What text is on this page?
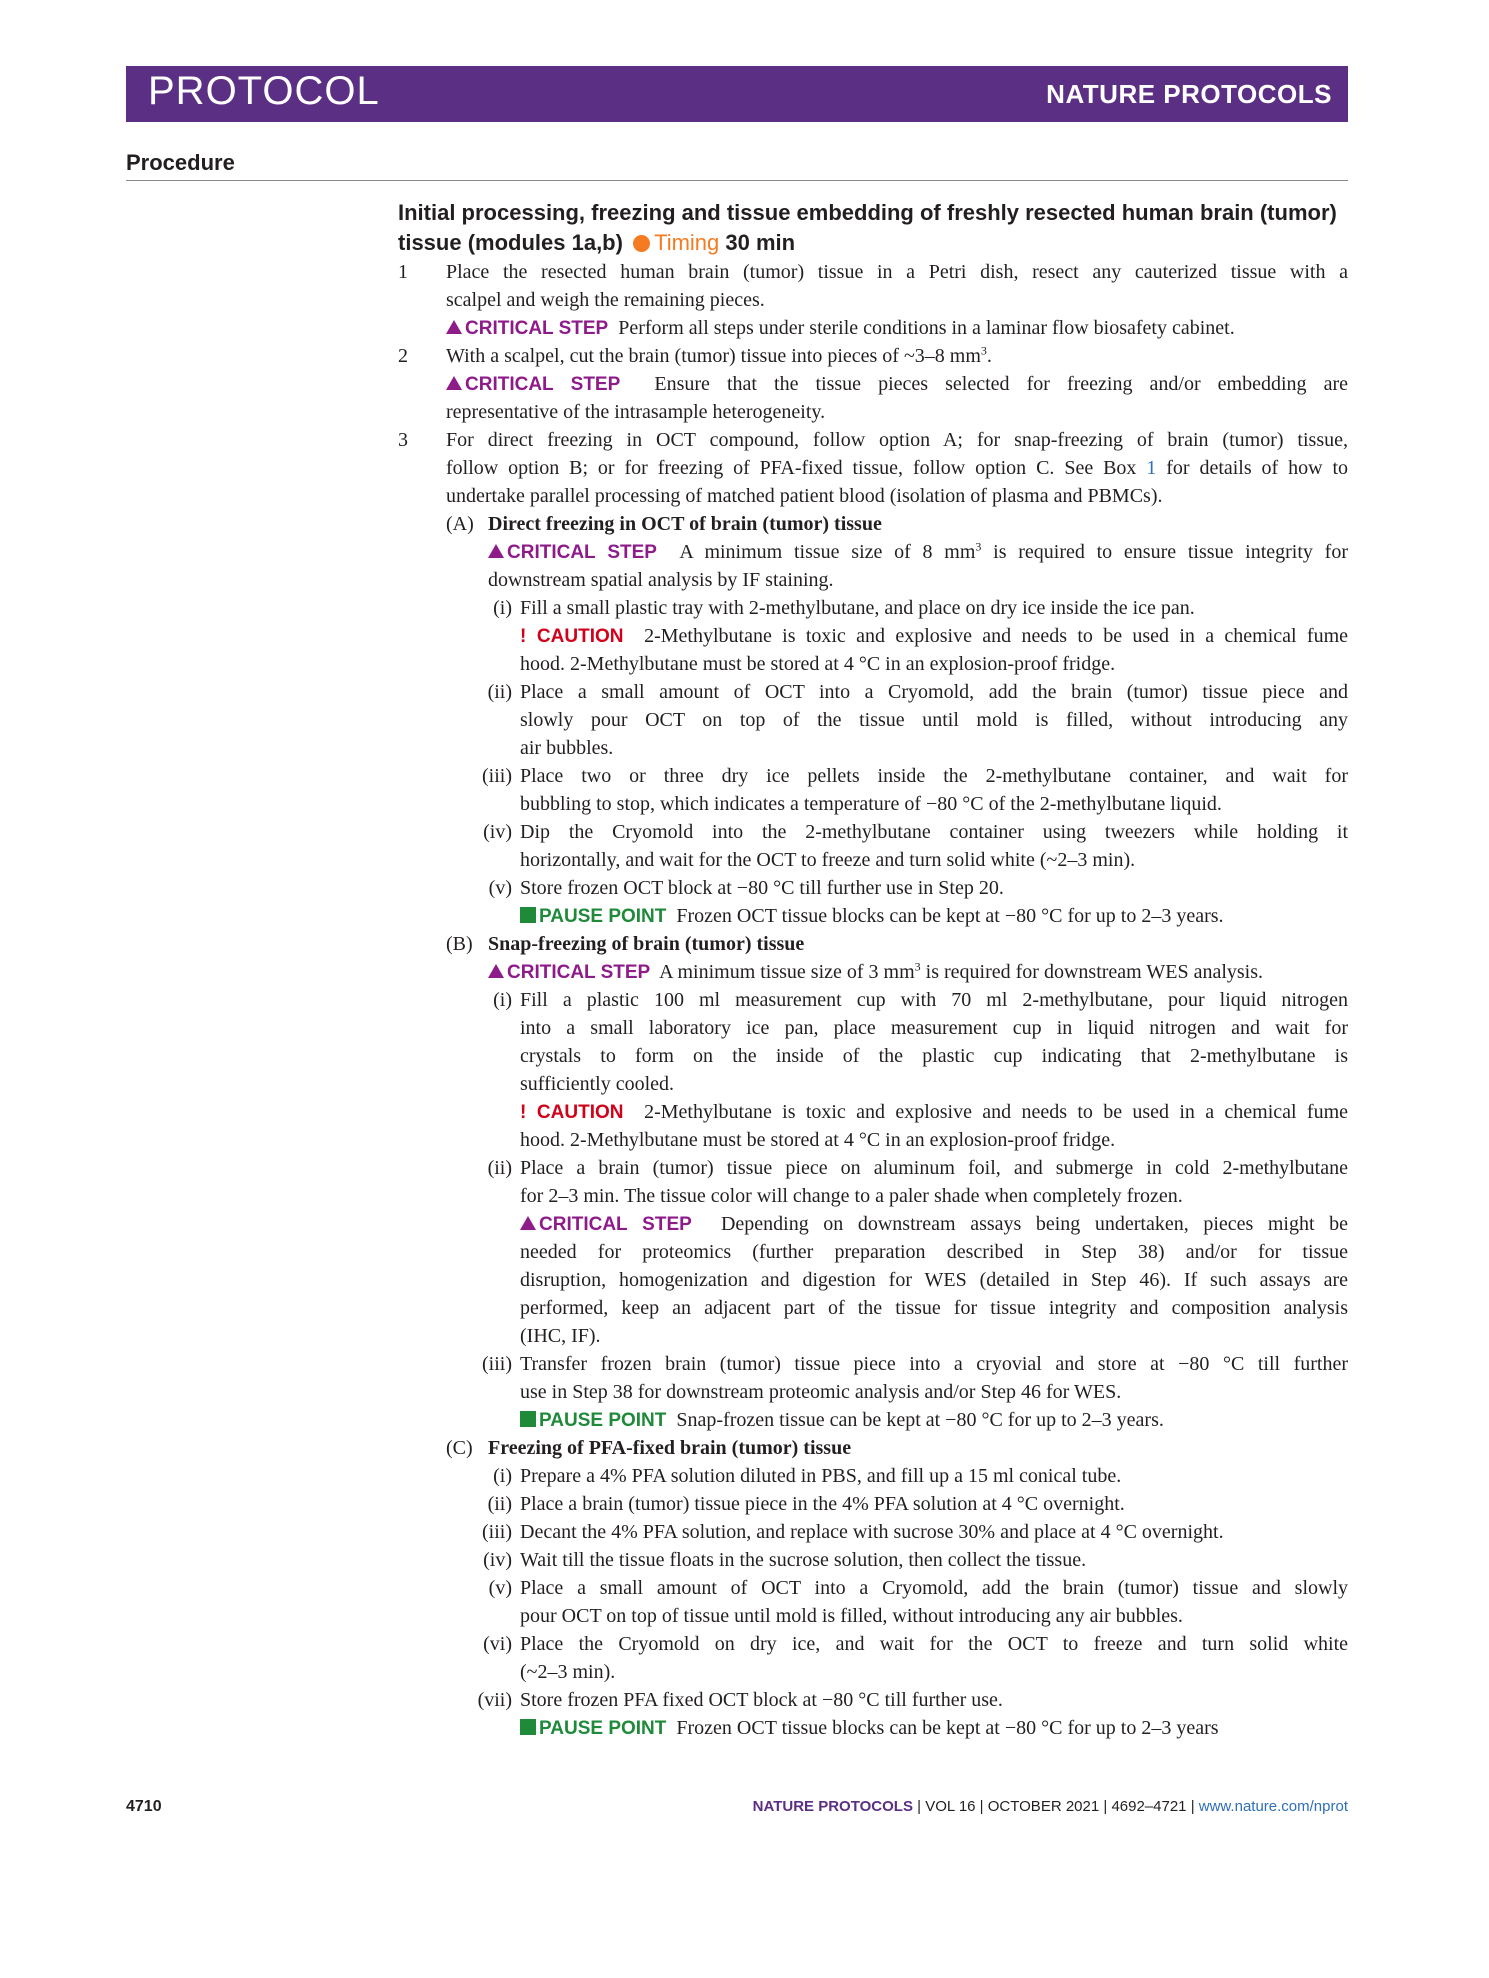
PROTOCOL	NATURE PROTOCOLS
Procedure
Initial processing, freezing and tissue embedding of freshly resected human brain (tumor)
tissue (modules 1a,b) Timing 30 min
1 Place the resected human brain (tumor) tissue in a Petri dish, resect any cauterized tissue with a
scalpel and weigh the remaining pieces.
CRITICAL STEP Perform all steps under sterile conditions in a laminar flow biosafety cabinet.
2 With a scalpel, cut the brain (tumor) tissue into pieces of ~3–8 $mm^3$.
CRITICAL STEP Ensure that the tissue pieces selected for freezing and/or embedding are
representative of the intrasample heterogeneity.
3 For direct freezing in OCT compound, follow option A; for snap-freezing of brain (tumor) tissue,
follow option B; or for freezing of PFA-fixed tissue, follow option C. See Box 1 for details of how to
undertake parallel processing of matched patient blood (isolation of plasma and PBMCs).
(A) Direct freezing in OCT of brain (tumor) tissue
CRITICAL STEP A minimum tissue size of 8 $mm^3$ is required to ensure tissue integrity for
downstream spatial analysis by IF staining.
(i) Fill a small plastic tray with 2-methylbutane, and place on dry ice inside the ice pan.
! CAUTION 2-Methylbutane is toxic and explosive and needs to be used in a chemical fume
hood. 2-Methylbutane must be stored at 4 °C in an explosion-proof fridge.
(ii) Place a small amount of OCT into a Cryomold, add the brain (tumor) tissue piece and
slowly pour OCT on top of the tissue until mold is filled, without introducing any
air bubbles.
(iii) Place two or three dry ice pellets inside the 2-methylbutane container, and wait for
bubbling to stop, which indicates a temperature of −80 °C of the 2-methylbutane liquid.
(iv) Dip the Cryomold into the 2-methylbutane container using tweezers while holding it
horizontally, and wait for the OCT to freeze and turn solid white (~2–3 min).
(v) Store frozen OCT block at −80 °C till further use in Step 20.
PAUSE POINT Frozen OCT tissue blocks can be kept at −80 °C for up to 2–3 years.
(B) Snap-freezing of brain (tumor) tissue
CRITICAL STEP A minimum tissue size of 3 $mm^3$ is required for downstream WES analysis.
(i) Fill a plastic 100 ml measurement cup with 70 ml 2-methylbutane, pour liquid nitrogen
into a small laboratory ice pan, place measurement cup in liquid nitrogen and wait for
crystals to form on the inside of the plastic cup indicating that 2-methylbutane is
sufficiently cooled.
! CAUTION 2-Methylbutane is toxic and explosive and needs to be used in a chemical fume
hood. 2-Methylbutane must be stored at 4 °C in an explosion-proof fridge.
(ii) Place a brain (tumor) tissue piece on aluminum foil, and submerge in cold 2-methylbutane
for 2–3 min. The tissue color will change to a paler shade when completely frozen.
CRITICAL STEP Depending on downstream assays being undertaken, pieces might be
needed for proteomics (further preparation described in Step 38) and/or for tissue
disruption, homogenization and digestion for WES (detailed in Step 46). If such assays are
performed, keep an adjacent part of the tissue for tissue integrity and composition analysis
(IHC, IF).
(iii) Transfer frozen brain (tumor) tissue piece into a cryovial and store at −80 °C till further
use in Step 38 for downstream proteomic analysis and/or Step 46 for WES.
PAUSE POINT Snap-frozen tissue can be kept at −80 °C for up to 2–3 years.
(C) Freezing of PFA-fixed brain (tumor) tissue
(i) Prepare a 4% PFA solution diluted in PBS, and fill up a 15 ml conical tube.
(ii) Place a brain (tumor) tissue piece in the 4% PFA solution at 4 °C overnight.
(iii) Decant the 4% PFA solution, and replace with sucrose 30% and place at 4 °C overnight.
(iv) Wait till the tissue floats in the sucrose solution, then collect the tissue.
(v) Place a small amount of OCT into a Cryomold, add the brain (tumor) tissue and slowly
pour OCT on top of tissue until mold is filled, without introducing any air bubbles.
(vi) Place the Cryomold on dry ice, and wait for the OCT to freeze and turn solid white
(~2–3 min).
(vii) Store frozen PFA fixed OCT block at −80 °C till further use.
PAUSE POINT Frozen OCT tissue blocks can be kept at −80 °C for up to 2–3 years
4710	NATURE PROTOCOLS | VOL 16 | OCTOBER 2021 | 4692–4721 | www.nature.com/nprot
